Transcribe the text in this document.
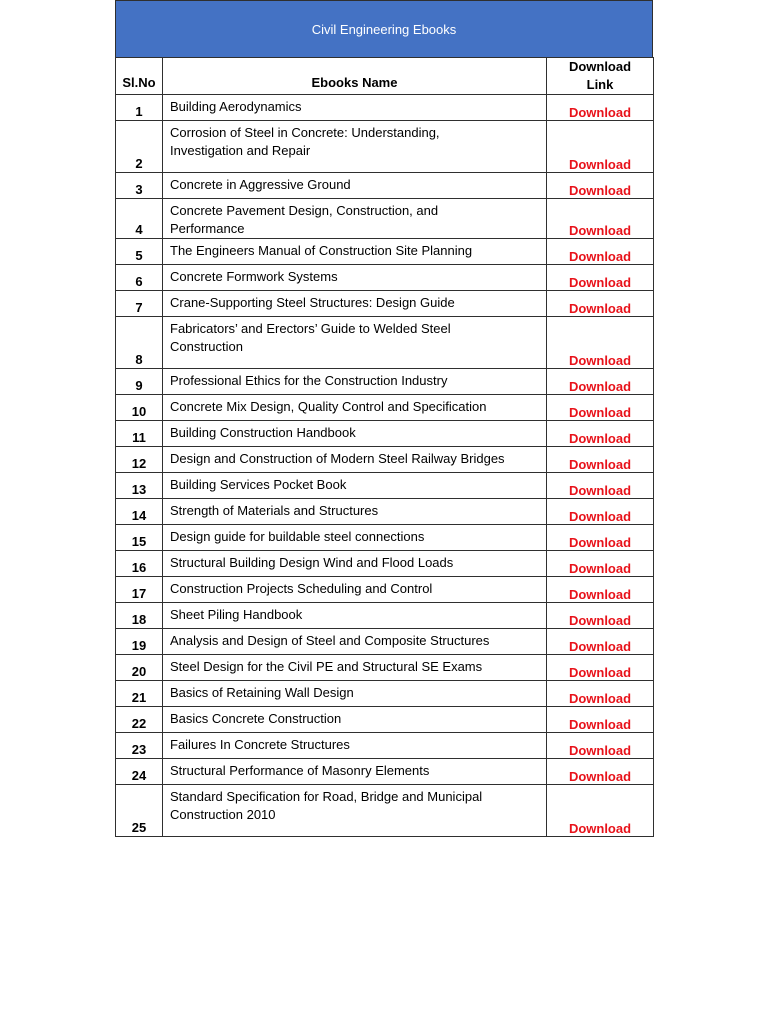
Civil Engineering Ebooks
Sl.No	Ebooks Name	Download
Link
1	Building Aerodynamics	Download
2	Corrosion of Steel in Concrete: Understanding,
Investigation and Repair	Download
3	Concrete in Aggressive Ground	Download
4	Concrete Pavement Design, Construction, and
Performance	Download
5	The Engineers Manual of Construction Site Planning	Download
6	Concrete Formwork Systems	Download
7	Crane-Supporting Steel Structures: Design Guide	Download
8	Fabricators’ and Erectors’ Guide to Welded Steel
Construction	Download
9	Professional Ethics for the Construction Industry	Download
10	Concrete Mix Design, Quality Control and Specification	Download
11	Building Construction Handbook	Download
12	Design and Construction of Modern Steel Railway Bridges	Download
13	Building Services Pocket Book	Download
14	Strength of Materials and Structures	Download
15	Design guide for buildable steel connections	Download
16	Structural Building Design Wind and Flood Loads	Download
17	Construction Projects Scheduling and Control	Download
18	Sheet Piling Handbook	Download
19	Analysis and Design of Steel and Composite Structures	Download
20	Steel Design for the Civil PE and Structural SE Exams	Download
21	Basics of Retaining Wall Design	Download
22	Basics Concrete Construction	Download
23	Failures In Concrete Structures	Download
24	Structural Performance of Masonry Elements	Download
25	Standard Specification for Road, Bridge and Municipal
Construction 2010	Download
